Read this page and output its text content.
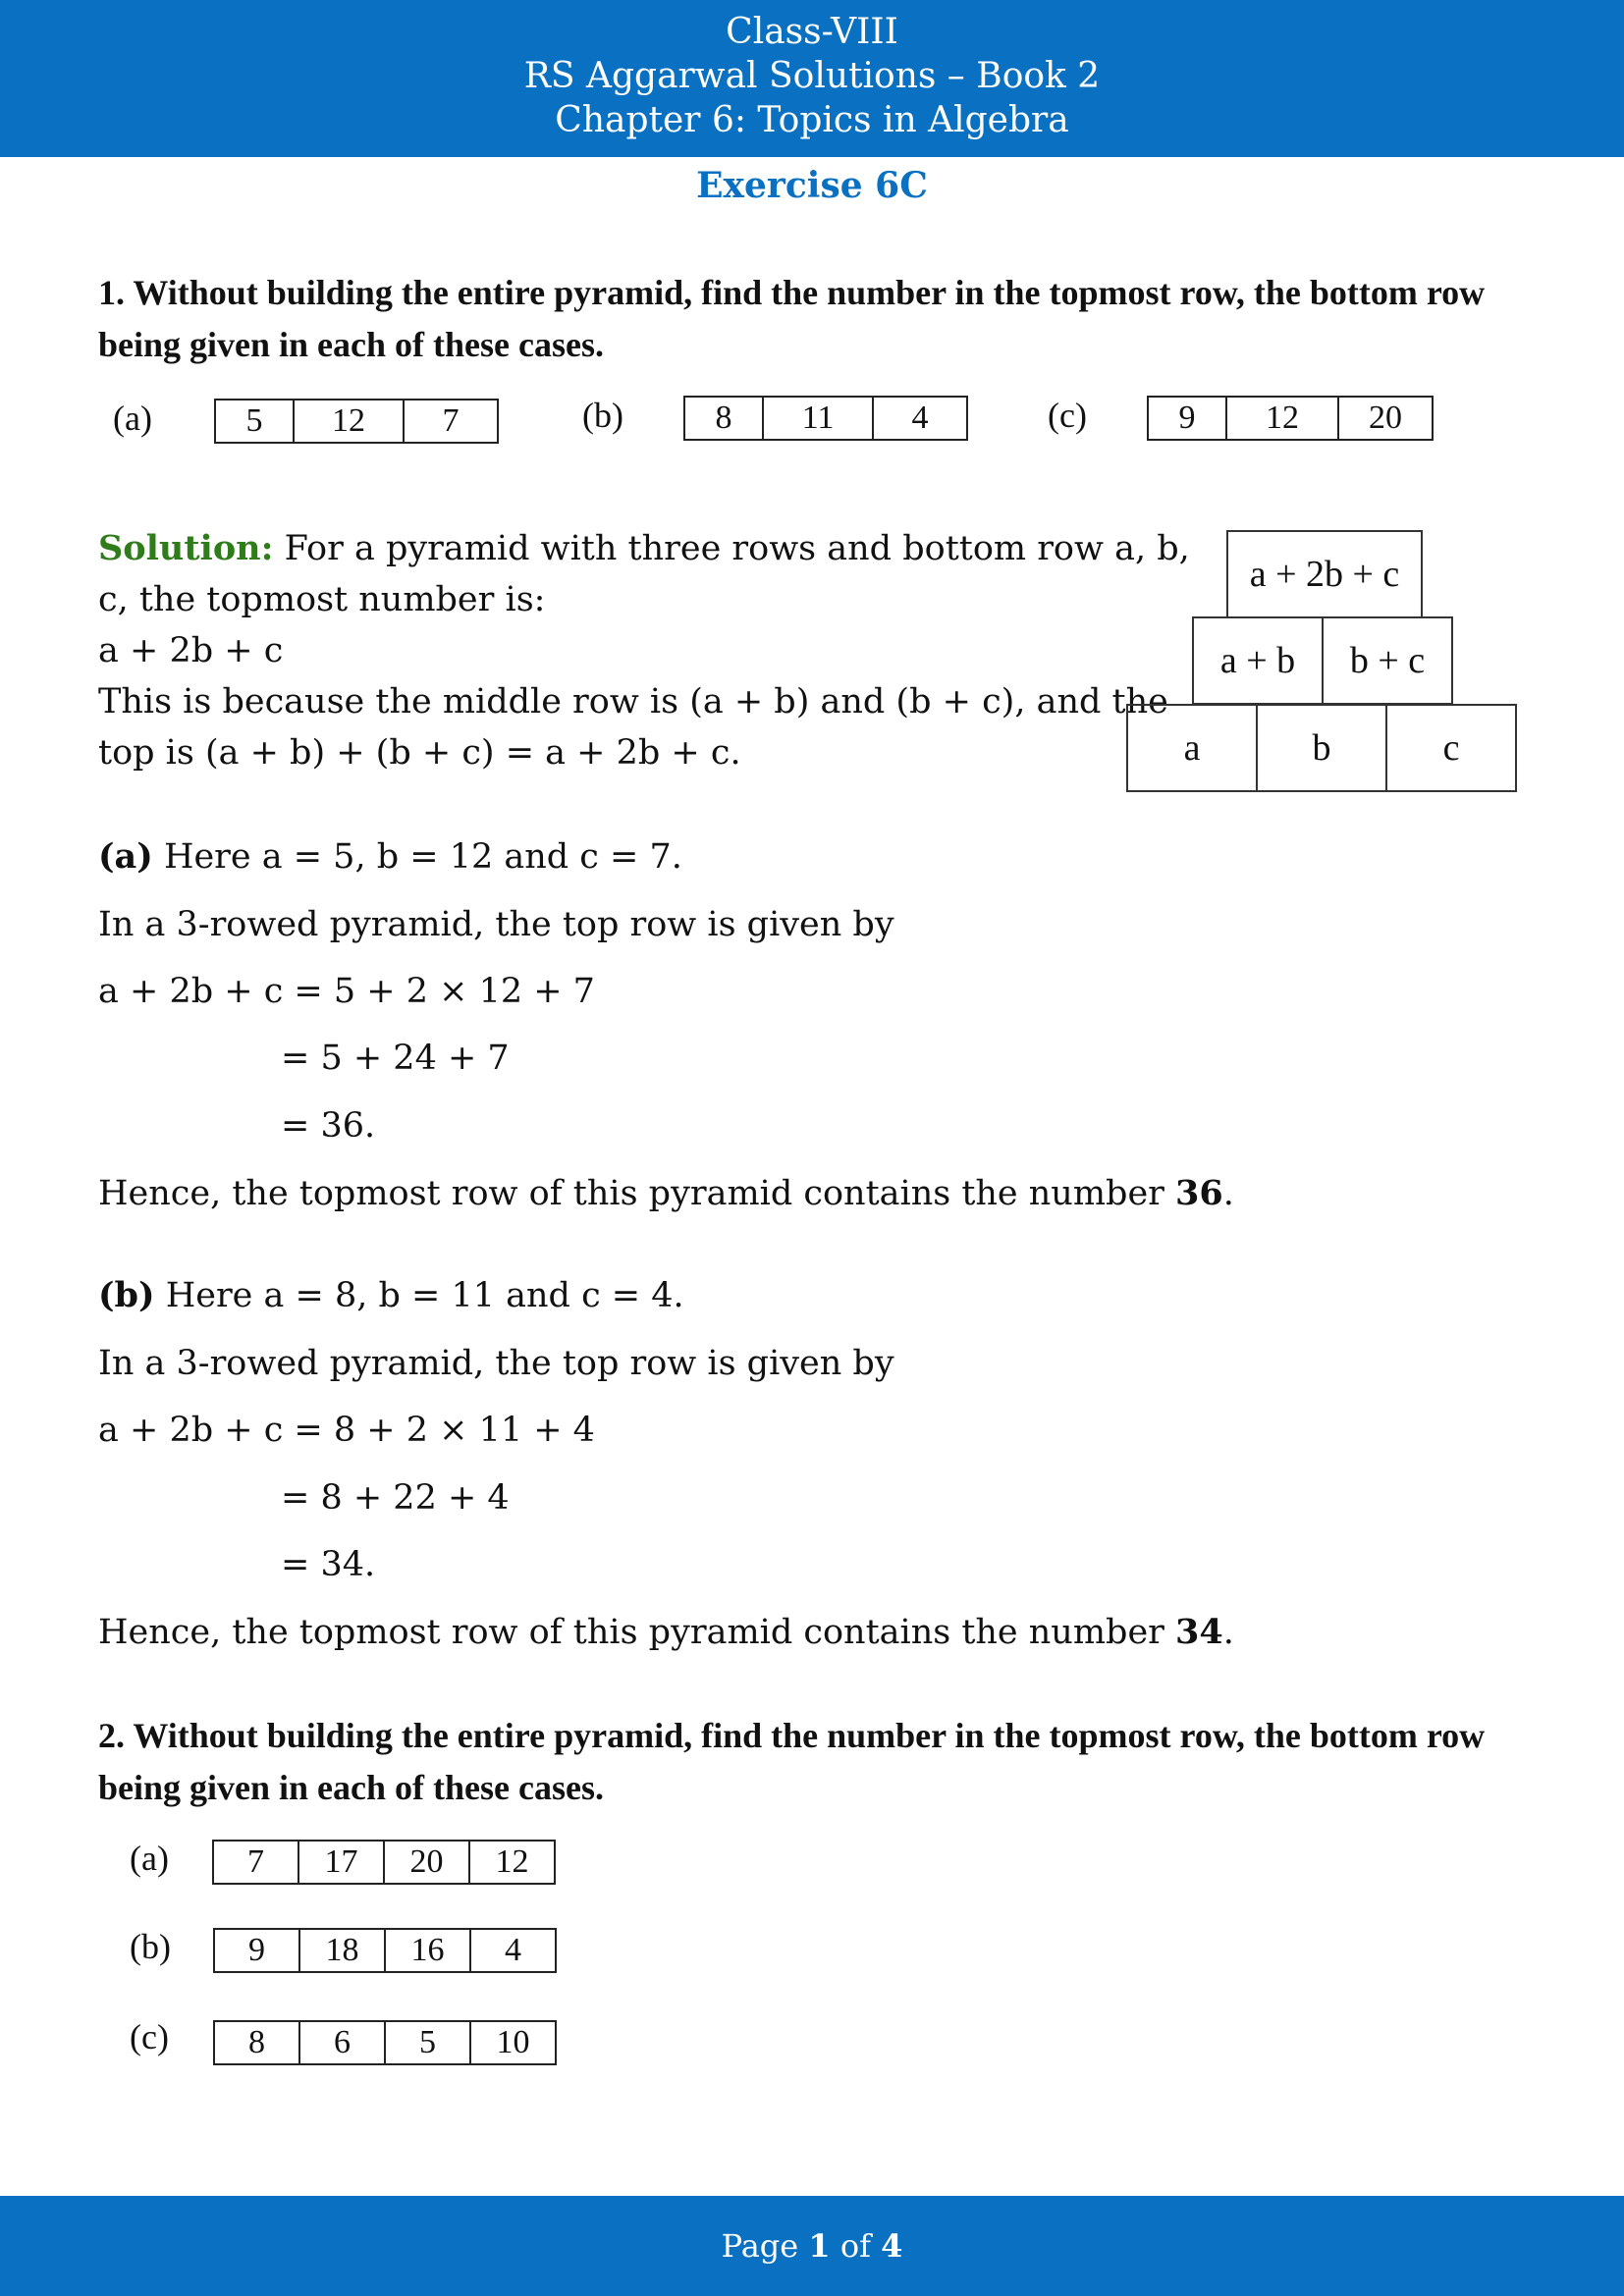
Class-VIII
RS Aggarwal Solutions – Book 2
Chapter 6: Topics in Algebra
Exercise 6C
1. Without building the entire pyramid, find the number in the topmost row, the bottom row being given in each of these cases.
(a)	5	12	7	(b)	8	11	4	(c)	9	12	20
Solution: For a pyramid with three rows and bottom row a, b,
c, the topmost number is:
a + 2b + c
This is because the middle row is (a + b) and (b + c), and the
top is (a + b) + (b + c) = a + 2b + c.
a + 2b + c
a + b	b + c
a	b	c
(a) Here a = 5, b = 12 and c = 7.
In a 3-rowed pyramid, the top row is given by
a + 2b + c = 5 + 2 × 12 + 7
= 5 + 24 + 7
= 36.
Hence, the topmost row of this pyramid contains the number 36.
(b) Here a = 8, b = 11 and c = 4.
In a 3-rowed pyramid, the top row is given by
a + 2b + c = 8 + 2 × 11 + 4
= 8 + 22 + 4
= 34.
Hence, the topmost row of this pyramid contains the number 34.
2. Without building the entire pyramid, find the number in the topmost row, the bottom row being given in each of these cases.
(a)	7	17	20	12
(b)	9	18	16	4
(c)	8	6	5	10
Page 1 of 4
